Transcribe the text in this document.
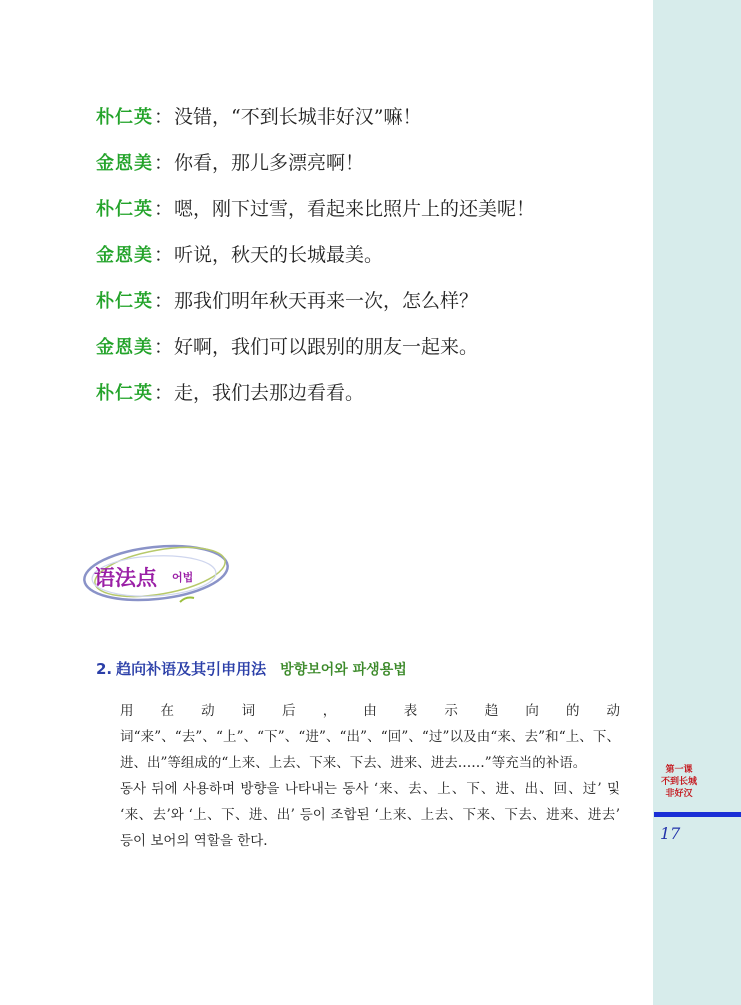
朴仁英：没错，“不到长城非好汉”嘛！
金恩美：你看，那儿多漂亮啊！
朴仁英：嗯，刚下过雪，看起来比照片上的还美呢！
金恩美：听说，秋天的长城最美。
朴仁英：那我们明年秋天再来一次，怎么样？
金恩美：好啊，我们可以跟别的朋友一起来。
朴仁英：走，我们去那边看看。
语法点 어법
2. 趋向补语及其引申用法 방향보어와 파생용법

用在动词后，由表示趋向的动词“来”、“去”、“上”、“下”、“进”、“出”、“回”、“过”以及由“来、去”和“上、下、进、出”等组成的“上来、上去、下来、下去、进来、进去……”等充当的补语。

동사 뒤에 사용하며 방향을 나타내는 동사 ‘来、去、上、下、进、出、回、过’ 및 ‘来、去’와 ‘上、下、进、出’ 등이 조합된 ‘上来、上去、下来、下去、进来、进去’ 등이 보어의 역할을 한다.

第一课
不到长城
非好汉
17
